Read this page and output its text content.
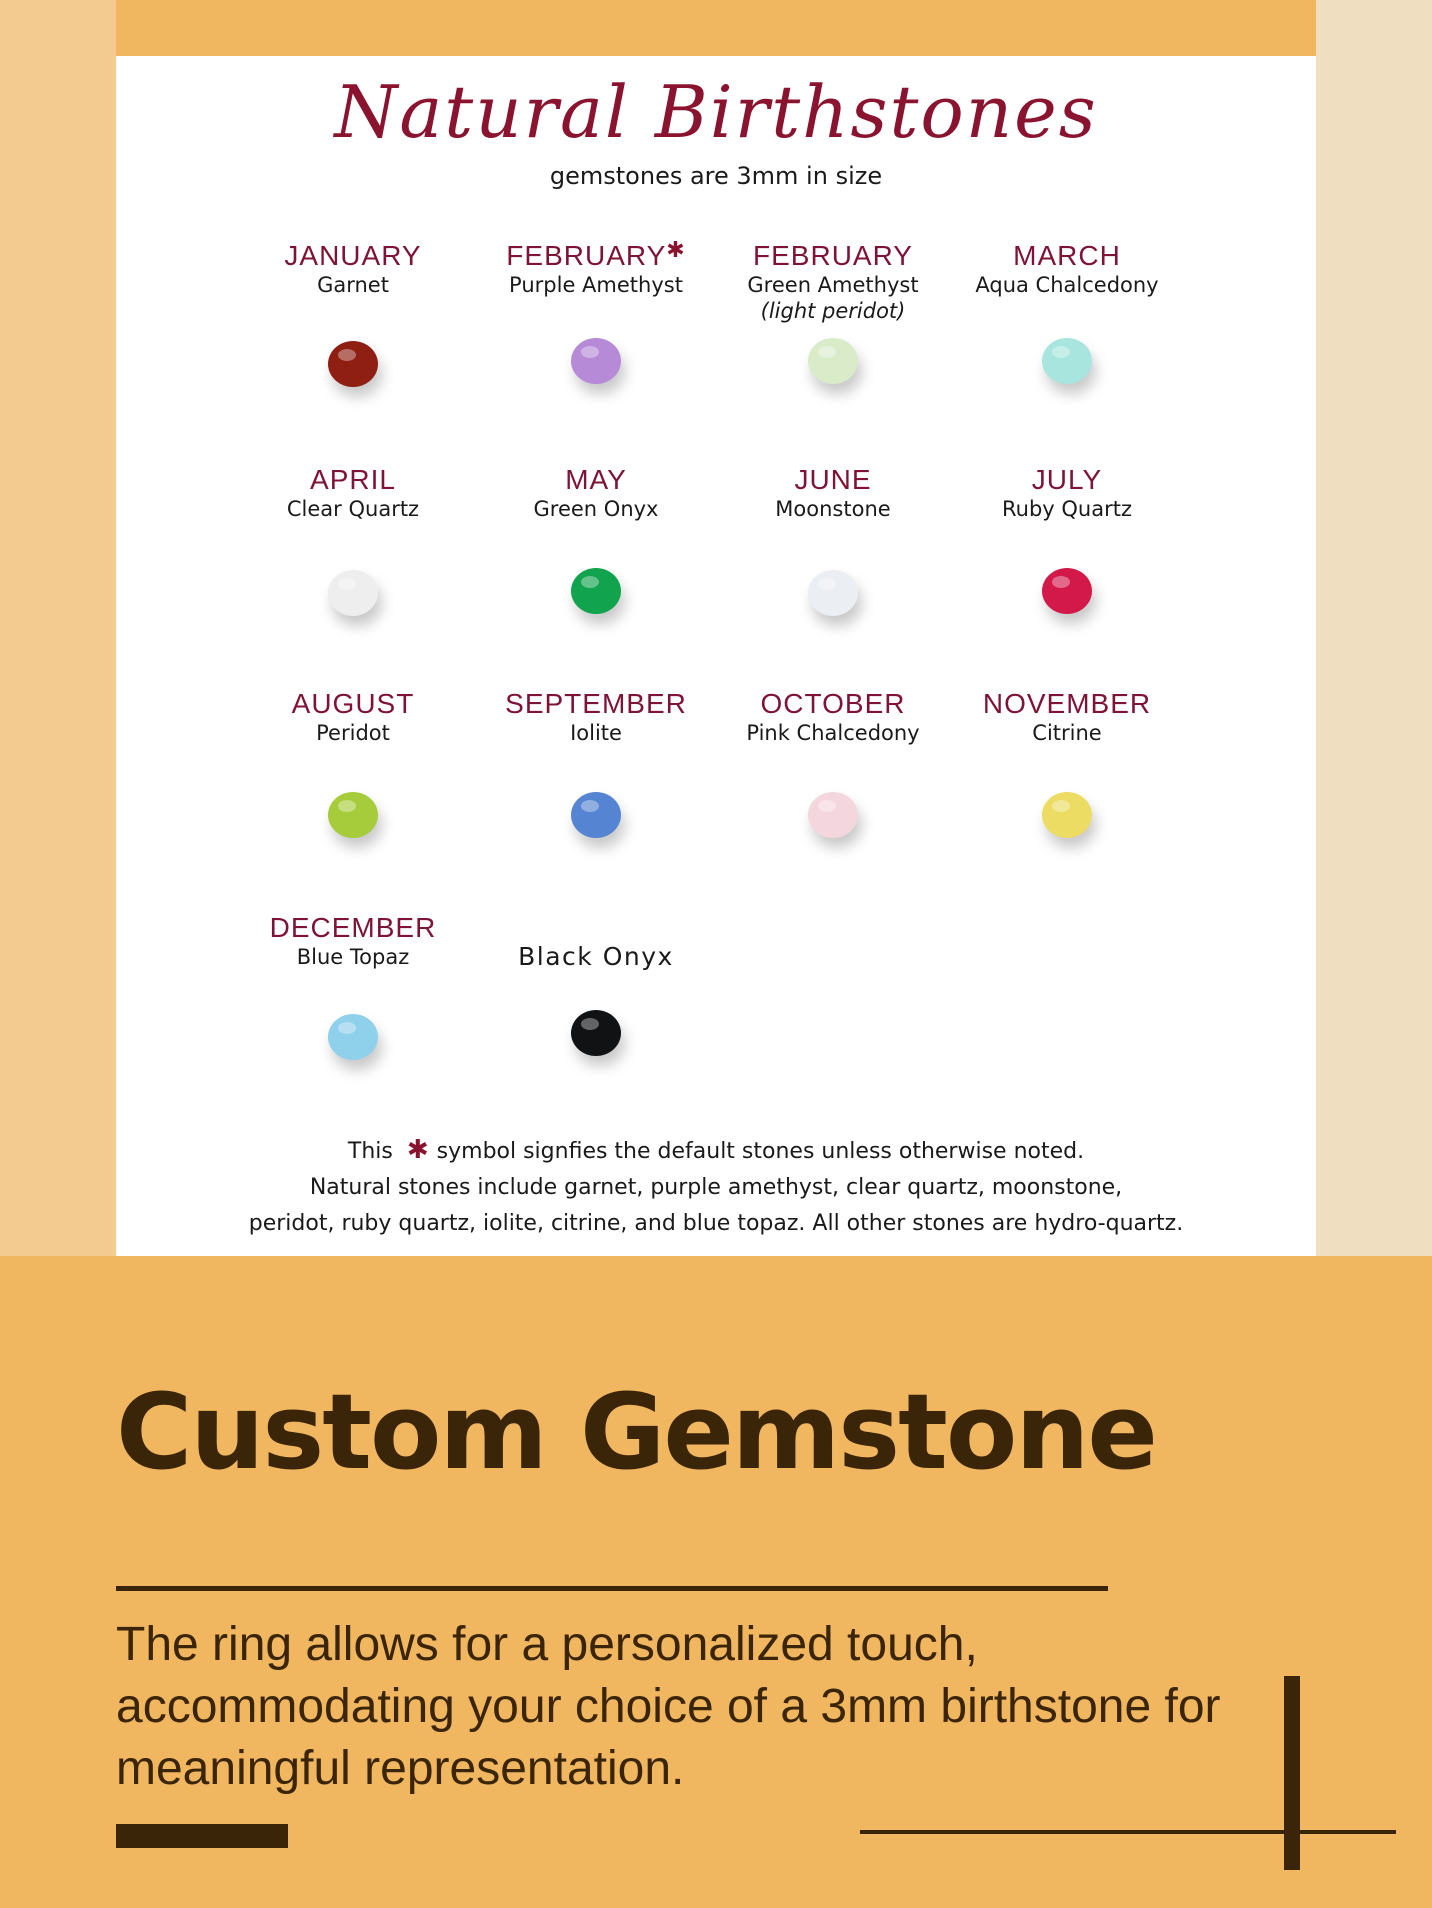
Natural Birthstones
gemstones are 3mm in size
JANUARY
Garnet
FEBRUARY✱
Purple Amethyst
FEBRUARY
Green Amethyst
(light peridot)
MARCH
Aqua Chalcedony
APRIL
Clear Quartz
MAY
Green Onyx
JUNE
Moonstone
JULY
Ruby Quartz
AUGUST
Peridot
SEPTEMBER
Iolite
OCTOBER
Pink Chalcedony
NOVEMBER
Citrine
DECEMBER
Blue Topaz	Black Onyx
This ✱ symbol signfies the default stones unless otherwise noted.
Natural stones include garnet, purple amethyst, clear quartz, moonstone,
peridot, ruby quartz, iolite, citrine, and blue topaz. All other stones are hydro-quartz.
Custom Gemstone
The ring allows for a personalized touch, accommodating your choice of a 3mm birthstone for meaningful representation.
